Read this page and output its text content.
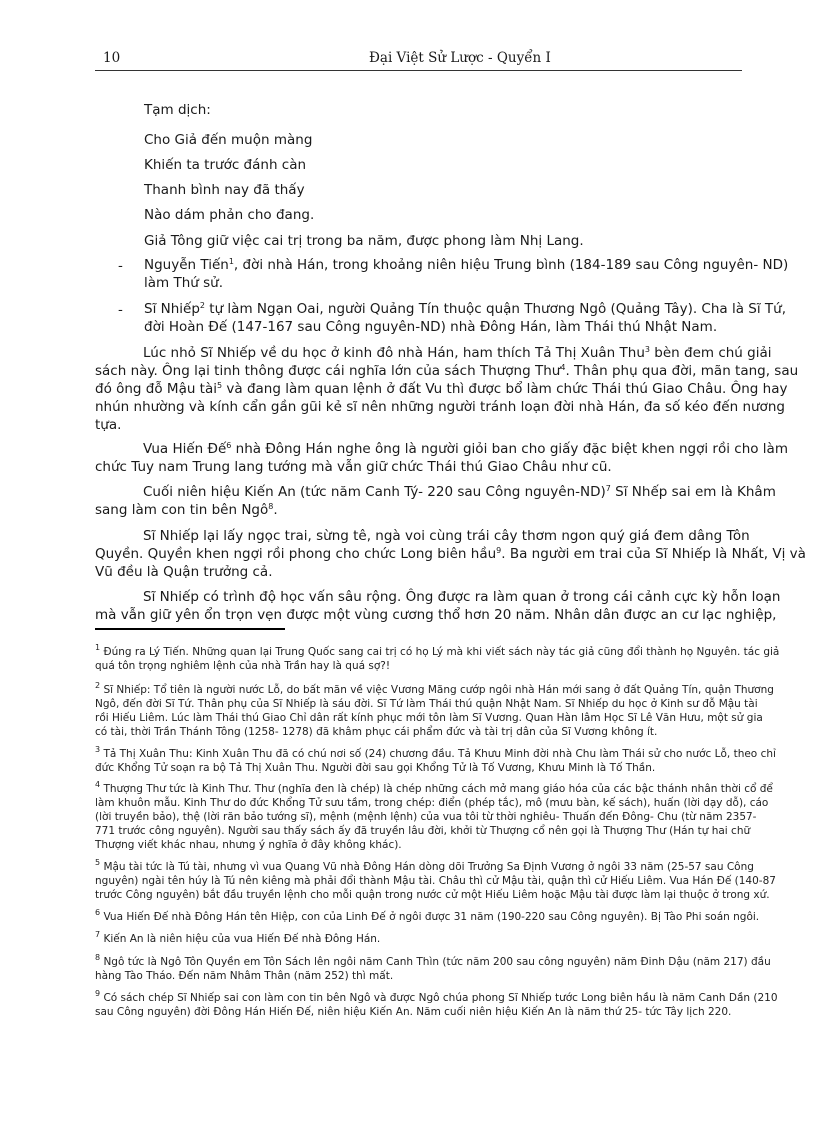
10	Đại Việt Sử Lược - Quyển I
Tạm dịch:
Cho Giả đến muộn màng
Khiến ta trước đánh càn
Thanh bình nay đã thấy
Nào dám phản cho đang.
Giả Tông giữ việc cai trị trong ba năm, được phong làm Nhị Lang.
- Nguyễn Tiến$^1$, đời nhà Hán, trong khoảng niên hiệu Trung bình (184-189 sau Công nguyên- ND)
làm Thứ sử.
- Sĩ Nhiếp$^2$ tự làm Ngạn Oai, người Quảng Tín thuộc quận Thương Ngô (Quảng Tây). Cha là Sĩ Tứ,
đời Hoàn Đế (147-167 sau Công nguyên-ND) nhà Đông Hán, làm Thái thú Nhật Nam.
Lúc nhỏ Sĩ Nhiếp về du học ở kinh đô nhà Hán, ham thích Tả Thị Xuân Thu$^3$ bèn đem chú giải
sách này. Ông lại tinh thông được cái nghĩa lớn của sách Thượng Thư$^4$. Thân phụ qua đời, mãn tang, sau
đó ông đỗ Mậu tài$^5$ và đang làm quan lệnh ở đất Vu thì được bổ làm chức Thái thú Giao Châu. Ông hay
nhún nhường và kính cẩn gần gũi kẻ sĩ nên những người tránh loạn đời nhà Hán, đa số kéo đến nương
tựa.
Vua Hiến Đế$^6$ nhà Đông Hán nghe ông là người giỏi ban cho giấy đặc biệt khen ngợi rồi cho làm
chức Tuy nam Trung lang tướng mà vẫn giữ chức Thái thú Giao Châu như cũ.
Cuối niên hiệu Kiến An (tức năm Canh Tý- 220 sau Công nguyên-ND)$^7$ Sĩ Nhếp sai em là Khâm
sang làm con tin bên Ngô$^8$.
Sĩ Nhiếp lại lấy ngọc trai, sừng tê, ngà voi cùng trái cây thơm ngon quý giá đem dâng Tôn
Quyền. Quyền khen ngợi rồi phong cho chức Long biên hầu$^9$. Ba người em trai của Sĩ Nhiếp là Nhất, Vị và
Vũ đều là Quận trưởng cả.
Sĩ Nhiếp có trình độ học vấn sâu rộng. Ông được ra làm quan ở trong cái cảnh cực kỳ hỗn loạn
mà vẫn giữ yên ổn trọn vẹn được một vùng cương thổ hơn 20 năm. Nhân dân được an cư lạc nghiệp,
$^1$ Đúng ra Lý Tiến. Những quan lại Trung Quốc sang cai trị có họ Lý mà khi viết sách này tác giả cũng đổi thành họ Nguyên. tác giả
quá tôn trọng nghiêm lệnh của nhà Trần hay là quá sợ?!
$^2$ Sĩ Nhiếp: Tổ tiên là người nước Lỗ, do bất mãn về việc Vương Mãng cướp ngôi nhà Hán mới sang ở đất Quảng Tín, quận Thương
Ngô, đến đời Sĩ Tứ. Thân phụ của Sĩ Nhiếp là sáu đời. Sĩ Tứ làm Thái thú quận Nhật Nam. Sĩ Nhiếp du học ở Kinh sư đỗ Mậu tài
rồi Hiếu Liêm. Lúc làm Thái thú Giao Chỉ dân rất kính phục mới tôn làm Sĩ Vương. Quan Hàn lâm Học Sĩ Lê Văn Hưu, một sử gia
có tài, thời Trần Thánh Tông (1258- 1278) đã khâm phục cái phẩm đức và tài trị dân của Sĩ Vương không ít.
$^3$ Tả Thị Xuân Thu: Kinh Xuân Thu đã có chú nơi số (24) chương đầu. Tả Khưu Minh đời nhà Chu làm Thái sử cho nước Lỗ, theo chỉ
đức Khổng Tử soạn ra bộ Tả Thị Xuân Thu. Người đời sau gọi Khổng Tử là Tố Vương, Khưu Minh là Tố Thần.
$^4$ Thượng Thư tức là Kinh Thư. Thư (nghĩa đen là chép) là chép những cách mở mang giáo hóa của các bậc thánh nhân thời cổ để
làm khuôn mẫu. Kinh Thư do đức Khổng Tử sưu tầm, trong chép: điển (phép tắc), mô (mưu bàn, kế sách), huấn (lời dạy dỗ), cáo
(lời truyền bảo), thệ (lời răn bảo tướng sĩ), mệnh (mệnh lệnh) của vua tôi từ thời nghiêu- Thuấn đến Đông- Chu (từ năm 2357-
771 trước công nguyên). Người sau thấy sách ấy đã truyền lâu đời, khởi từ Thượng cổ nên gọi là Thượng Thư (Hán tự hai chữ
Thượng viết khác nhau, nhưng ý nghĩa ở đây không khác).
$^5$ Mậu tài tức là Tú tài, nhưng vì vua Quang Vũ nhà Đông Hán dòng dõi Trưởng Sa Định Vương ở ngôi 33 năm (25-57 sau Công
nguyên) ngài tên húy là Tú nên kiêng mà phải đổi thành Mậu tài. Châu thì cử Mậu tài, quận thì cử Hiếu Liêm. Vua Hán Đế (140-87
trước Công nguyên) bắt đầu truyền lệnh cho mỗi quận trong nước cử một Hiếu Liêm hoặc Mậu tài được làm lại thuộc ở trong xứ.
$^6$ Vua Hiến Đế nhà Đông Hán tên Hiệp, con của Linh Đế ở ngôi được 31 năm (190-220 sau Công nguyên). Bị Tào Phi soán ngôi.
$^7$ Kiến An là niên hiệu của vua Hiến Đế nhà Đông Hán.
$^8$ Ngô tức là Ngô Tôn Quyền em Tôn Sách lên ngôi năm Canh Thìn (tức năm 200 sau công nguyên) năm Đinh Dậu (năm 217) đầu
hàng Tào Tháo. Đến năm Nhâm Thân (năm 252) thì mất.
$^9$ Có sách chép Sĩ Nhiếp sai con làm con tin bên Ngô và được Ngô chúa phong Sĩ Nhiếp tước Long biên hầu là năm Canh Dần (210
sau Công nguyên) đời Đông Hán Hiến Đế, niên hiệu Kiến An. Năm cuối niên hiệu Kiến An là năm thứ 25- tức Tây lịch 220.
